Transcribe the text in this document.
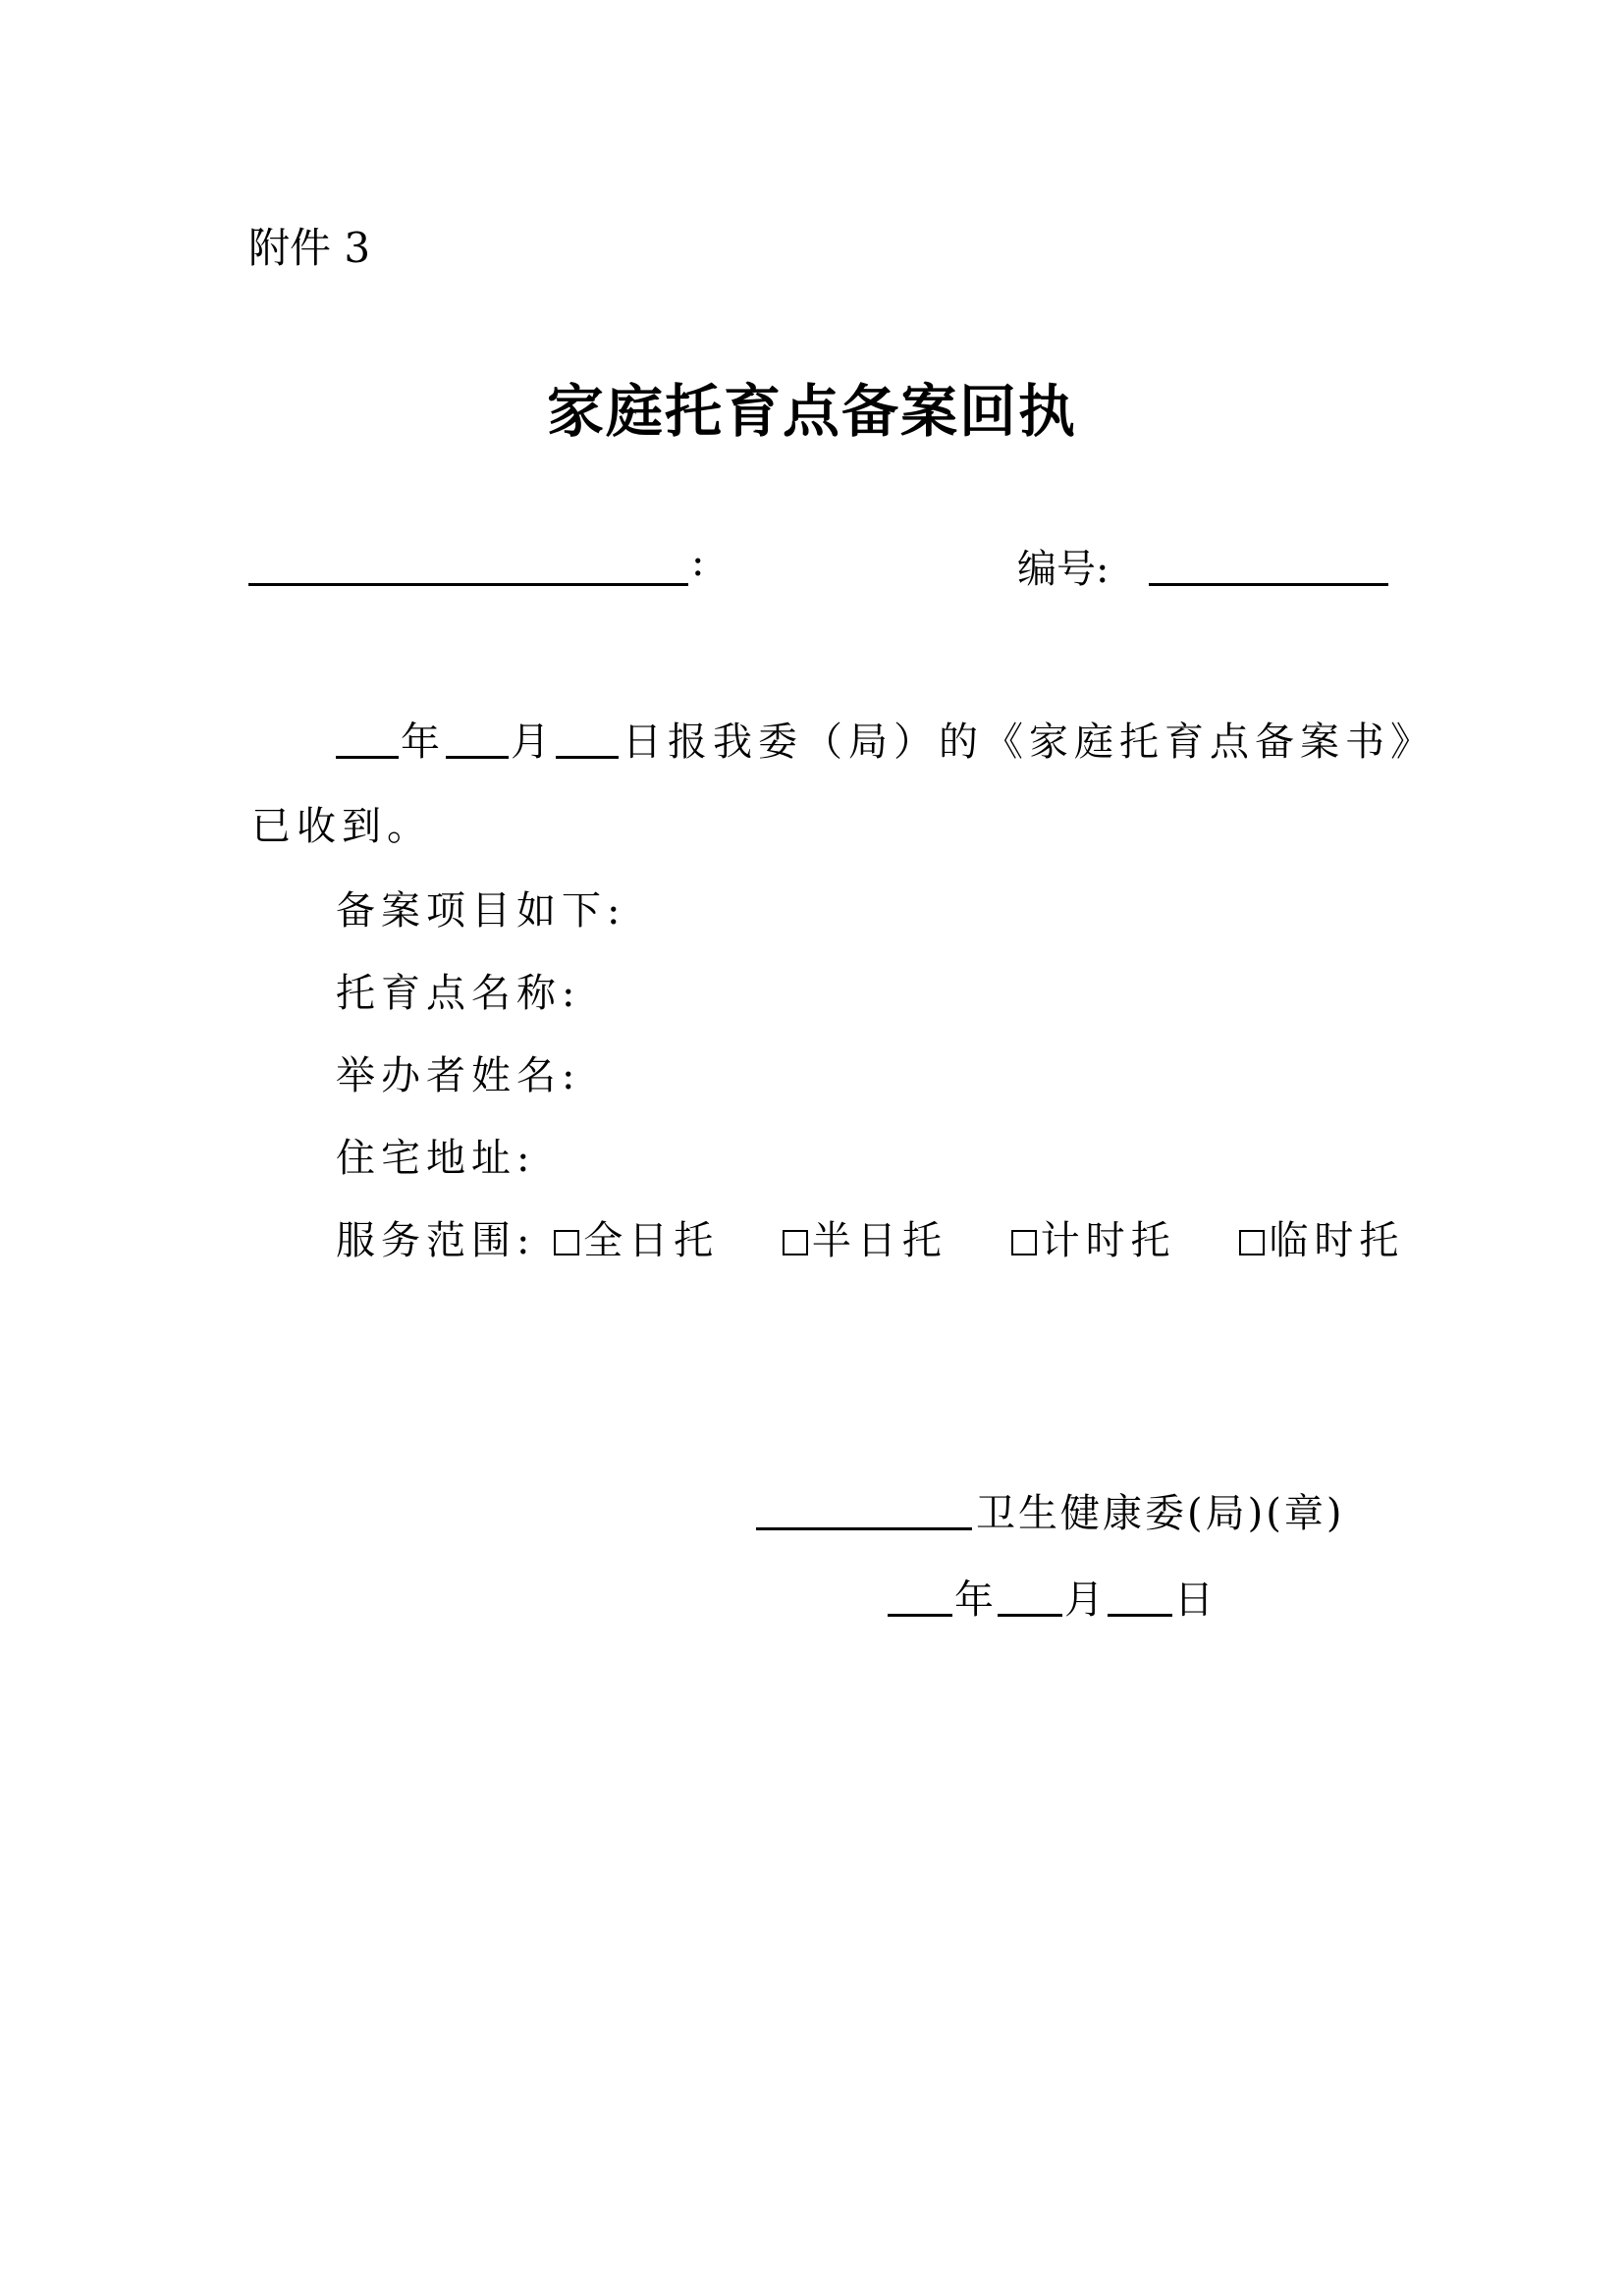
附件 3
家庭托育点备案回执
:	编号:
年 月 日报我委（局）的《家庭托育点备案书》
已收到。
备案项目如下:
托育点名称:
举办者姓名:
住宅地址:
服务范围: 全日托 半日托 计时托 临时托
卫生健康委(局)(章)
年 月 日
